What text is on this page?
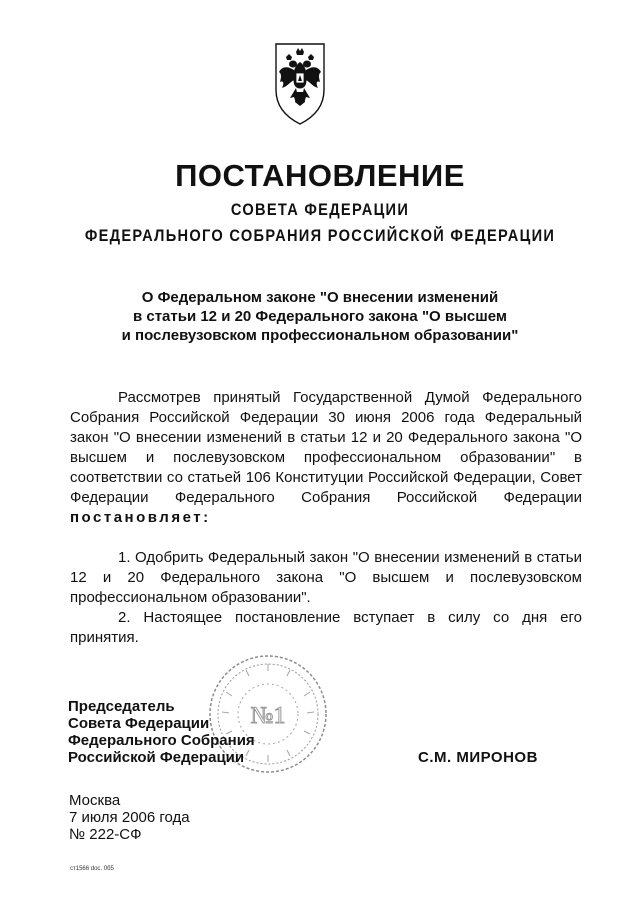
ПОСТАНОВЛЕНИЕ
СОВЕТА ФЕДЕРАЦИИ
ФЕДЕРАЛЬНОГО СОБРАНИЯ РОССИЙСКОЙ ФЕДЕРАЦИИ
О Федеральном законе "О внесении изменений
в статьи 12 и 20 Федерального закона "О высшем
и послевузовском профессиональном образовании"

Рассмотрев принятый Государственной Думой Федерального Собрания Российской Федерации 30 июня 2006 года Федеральный закон "О внесении изменений в статьи 12 и 20 Федерального закона "О высшем и послевузовском профессиональном образовании" в соответствии со статьей 106 Конституции Российской Федерации, Совет Федерации Федерального Собрания Российской Федерации постановляет:

1. Одобрить Федеральный закон "О внесении изменений в статьи 12 и 20 Федерального закона "О высшем и послевузовском профессиональном образовании".

2. Настоящее постановление вступает в силу со дня его принятия.

№1
Председатель
Совета Федерации
Федерального Собрания
Российской Федерации	С.М. МИРОНОВ
Москва
7 июля 2006 года
№ 222-СФ
ст1566 doc. 0б5
